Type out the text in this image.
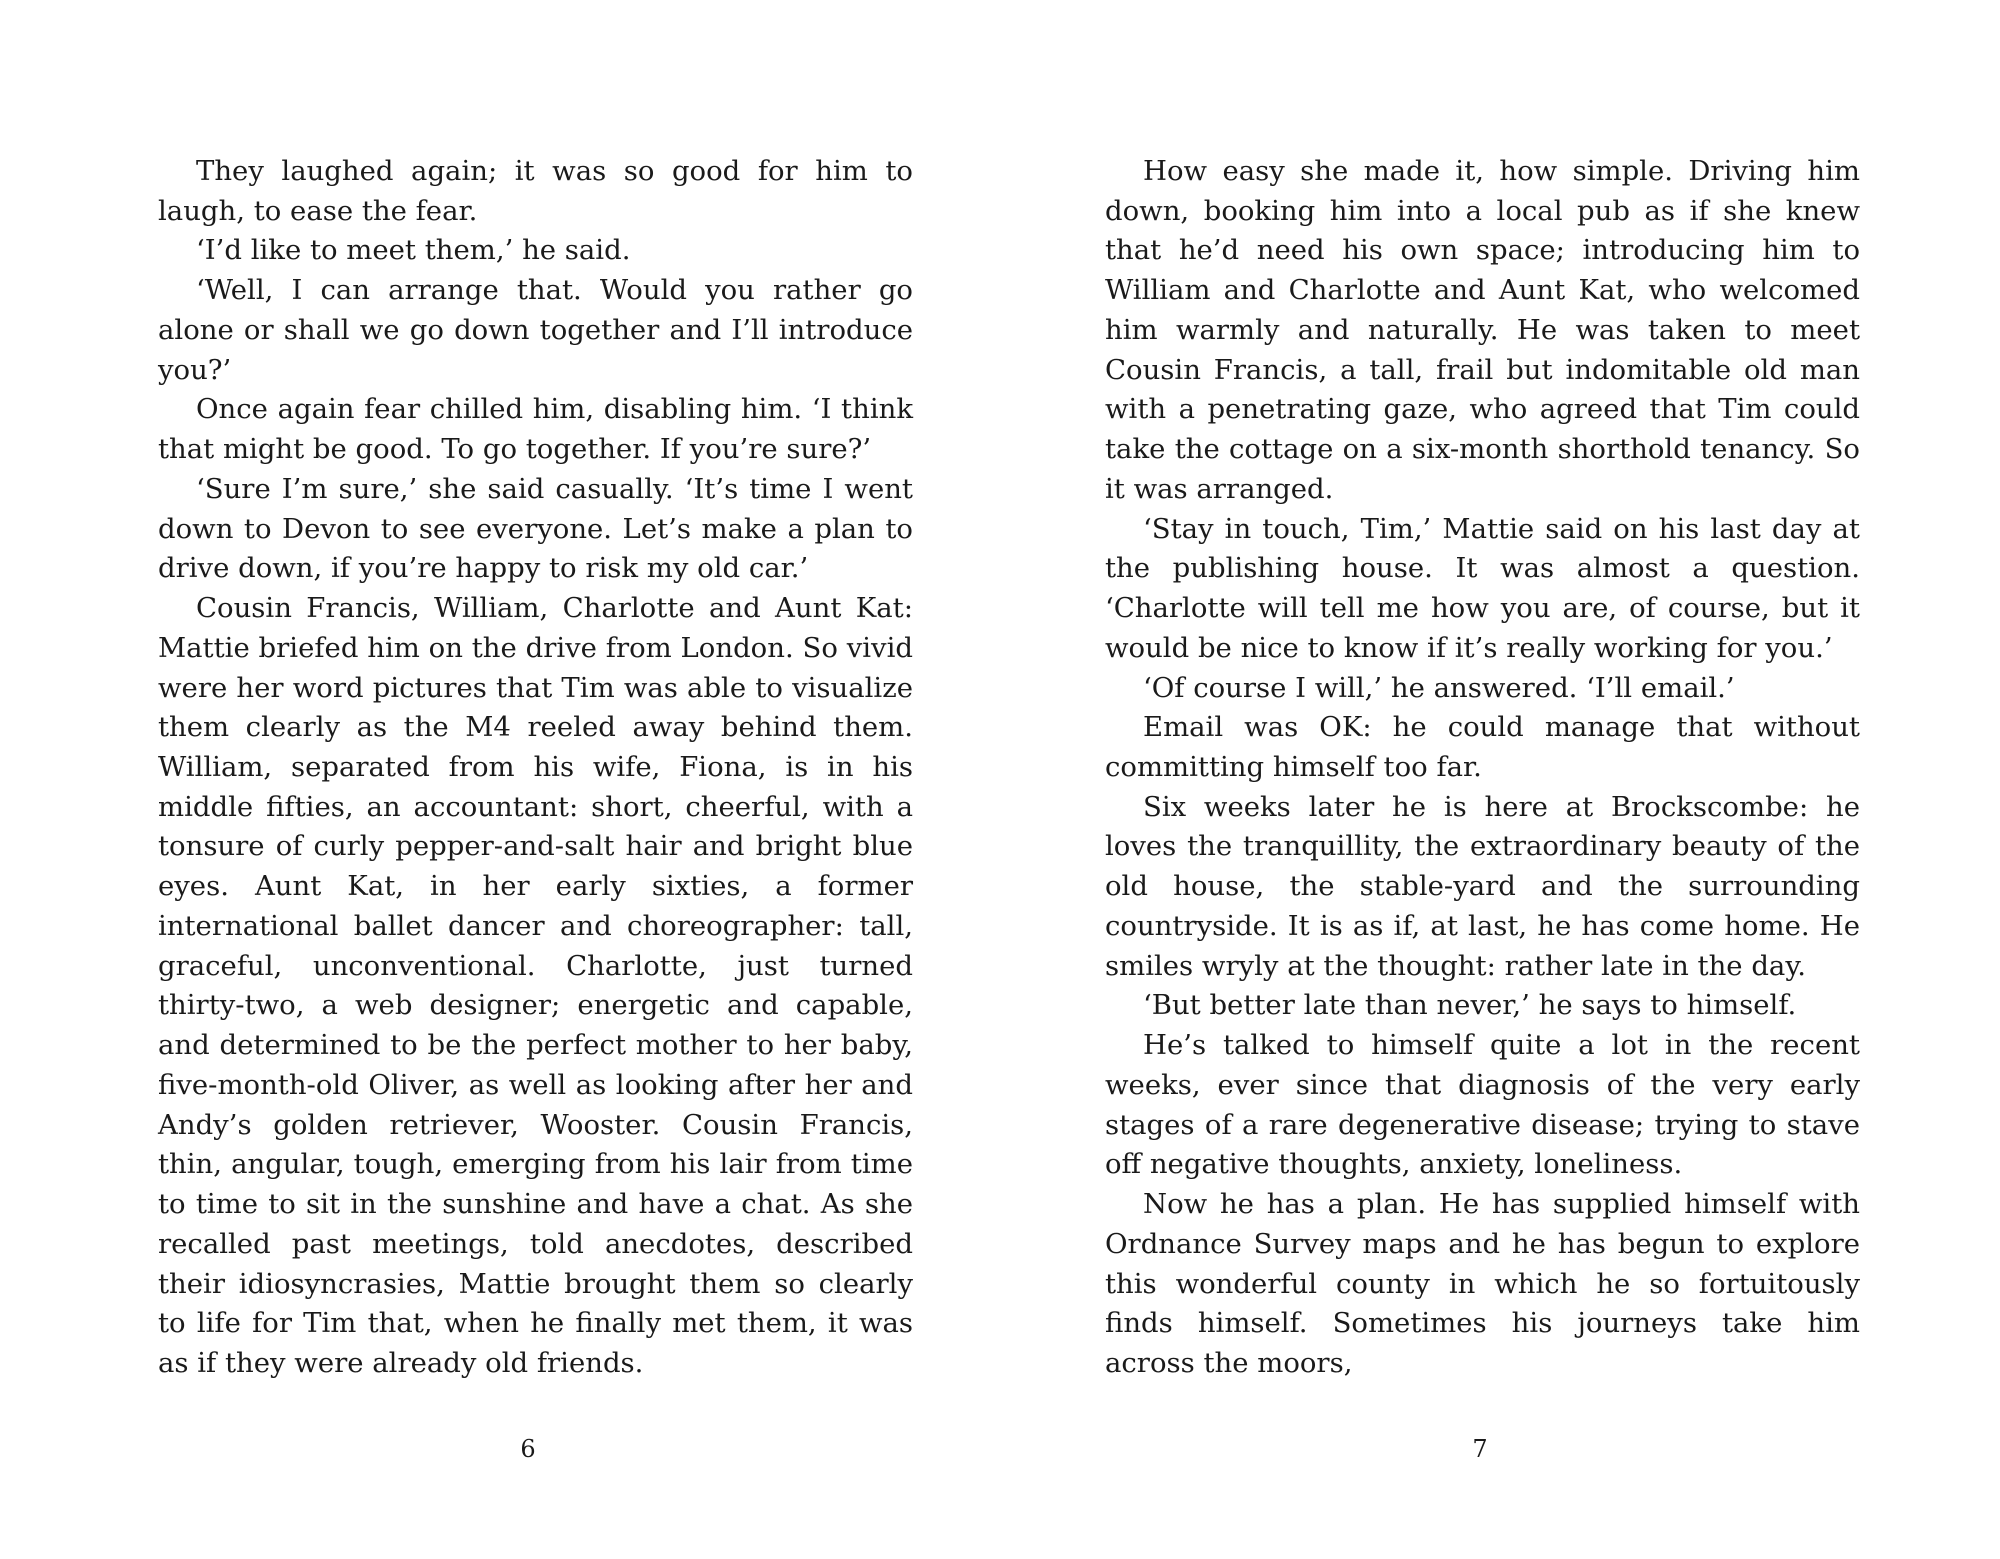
They laughed again; it was so good for him to laugh, to ease the fear.

‘I’d like to meet them,’ he said.

‘Well, I can arrange that. Would you rather go alone or shall we go down together and I’ll introduce you?’

Once again fear chilled him, disabling him. ‘I think that might be good. To go together. If you’re sure?’

‘Sure I’m sure,’ she said casually. ‘It’s time I went down to Devon to see everyone. Let’s make a plan to drive down, if you’re happy to risk my old car.’

Cousin Francis, William, Charlotte and Aunt Kat: Mattie briefed him on the drive from London. So vivid were her word pictures that Tim was able to visualize them clearly as the M4 reeled away behind them. William, separated from his wife, Fiona, is in his middle fifties, an accountant: short, cheerful, with a tonsure of curly pepper-and-salt hair and bright blue eyes. Aunt Kat, in her early sixties, a former international ballet dancer and choreographer: tall, graceful, unconventional. Charlotte, just turned thirty-two, a web designer; energetic and capable, and determined to be the perfect mother to her baby, five-month-old Oliver, as well as looking after her and Andy’s golden retriever, Wooster. Cousin Francis, thin, angular, tough, emerging from his lair from time to time to sit in the sunshine and have a chat. As she recalled past meetings, told anecdotes, described their idiosyncrasies, Mattie brought them so clearly to life for Tim that, when he finally met them, it was as if they were already old friends.

How easy she made it, how simple. Driving him down, booking him into a local pub as if she knew that he’d need his own space; introducing him to William and Charlotte and Aunt Kat, who welcomed him warmly and naturally. He was taken to meet Cousin Francis, a tall, frail but indomitable old man with a penetrating gaze, who agreed that Tim could take the cottage on a six-month shorthold tenancy. So it was arranged.

‘Stay in touch, Tim,’ Mattie said on his last day at the publishing house. It was almost a question. ‘Charlotte will tell me how you are, of course, but it would be nice to know if it’s really working for you.’

‘Of course I will,’ he answered. ‘I’ll email.’

Email was OK: he could manage that without committing himself too far.

Six weeks later he is here at Brockscombe: he loves the tranquillity, the extraordinary beauty of the old house, the stable-yard and the surrounding countryside. It is as if, at last, he has come home. He smiles wryly at the thought: rather late in the day.

‘But better late than never,’ he says to himself.

He’s talked to himself quite a lot in the recent weeks, ever since that diagnosis of the very early stages of a rare degenerative disease; trying to stave off negative thoughts, anxiety, loneliness.

Now he has a plan. He has supplied himself with Ordnance Survey maps and he has begun to explore this wonderful county in which he so fortuitously finds himself. Sometimes his journeys take him across the moors,

6	7
